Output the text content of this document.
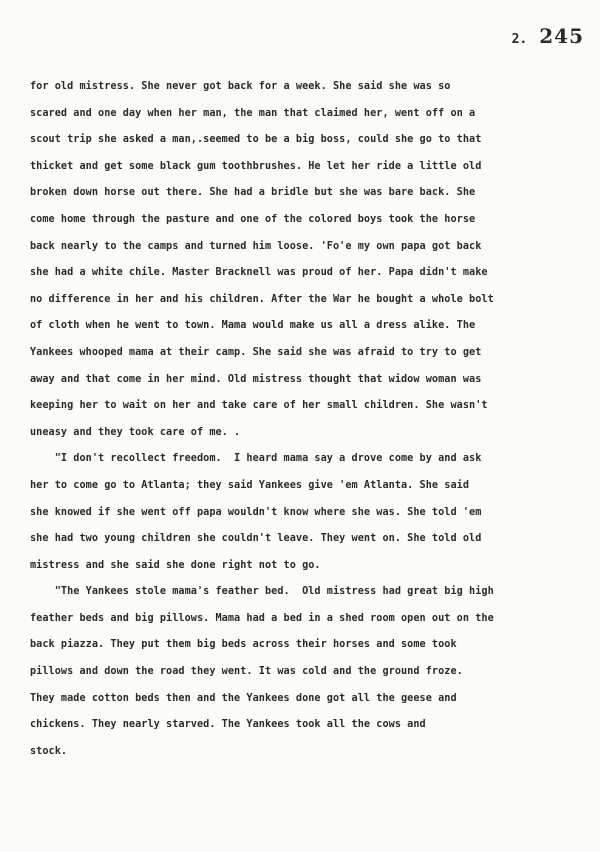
2. 245
for old mistress. She never got back for a week. She said she was so
scared and one day when her man, the man that claimed her, went off on a
scout trip she asked a man,.seemed to be a big boss, could she go to that
thicket and get some black gum toothbrushes. He let her ride a little old
broken down horse out there. She had a bridle but she was bare back. She
come home through the pasture and one of the colored boys took the horse
back nearly to the camps and turned him loose. 'Fo'e my own papa got back
she had a white chile. Master Bracknell was proud of her. Papa didn't make
no difference in her and his children. After the War he bought a whole bolt
of cloth when he went to town. Mama would make us all a dress alike. The
Yankees whooped mama at their camp. She said she was afraid to try to get
away and that come in her mind. Old mistress thought that widow woman was
keeping her to wait on her and take care of her small children. She wasn't
uneasy and they took care of me. .
"I don't recollect freedom.  I heard mama say a drove come by and ask
her to come go to Atlanta; they said Yankees give 'em Atlanta. She said
she knowed if she went off papa wouldn't know where she was. She told 'em
she had two young children she couldn't leave. They went on. She told old
mistress and she said she done right not to go.
"The Yankees stole mama's feather bed.  Old mistress had great big high
feather beds and big pillows. Mama had a bed in a shed room open out on the
back piazza. They put them big beds across their horses and some took
pillows and down the road they went. It was cold and the ground froze.
They made cotton beds then and the Yankees done got all the geese and
chickens. They nearly starved. The Yankees took all the cows and
stock.
